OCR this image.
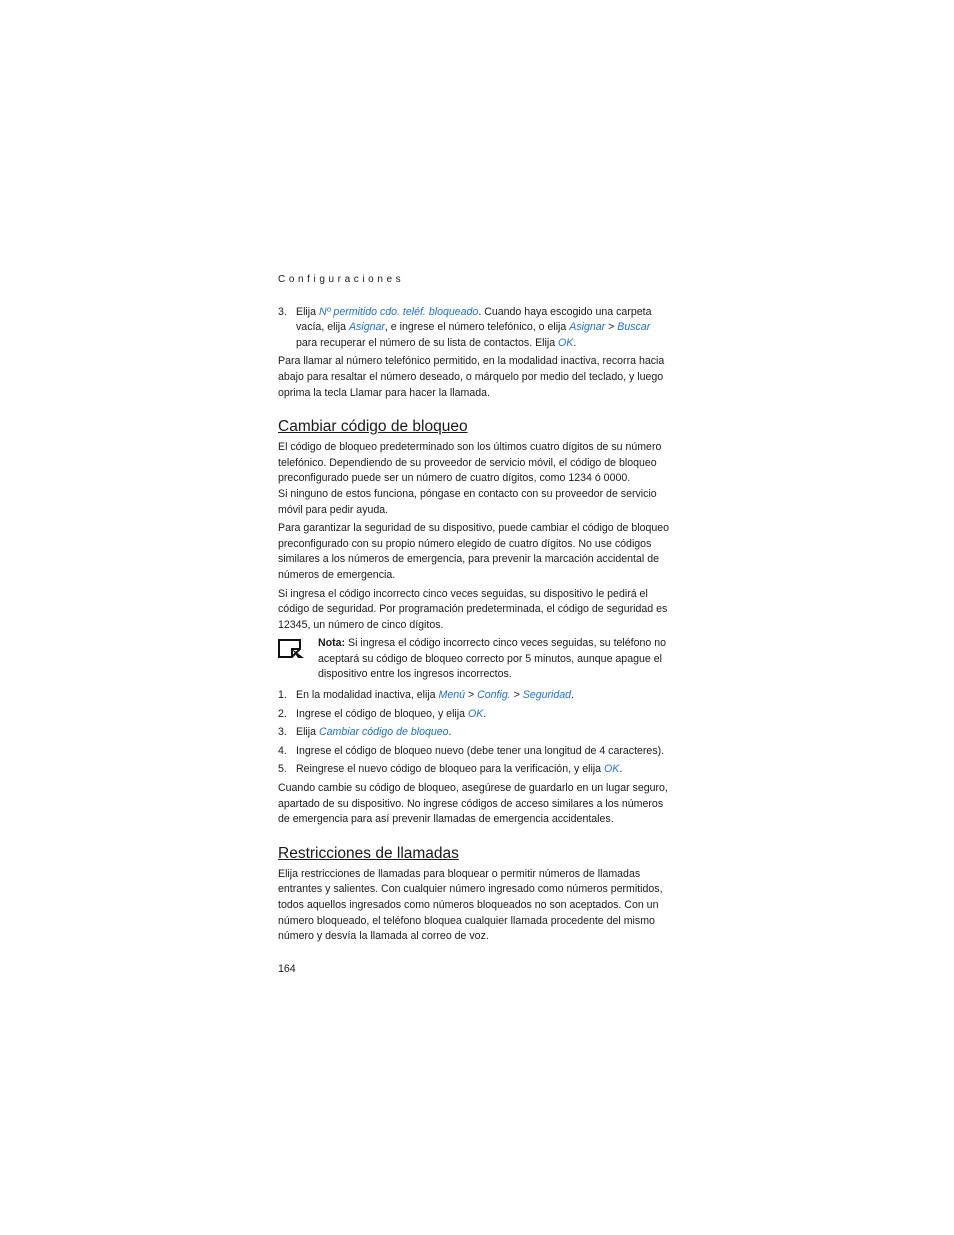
Configuraciones
3. Elija Nº permitido cdo. teléf. bloqueado. Cuando haya escogido una carpeta vacía, elija Asignar, e ingrese el número telefónico, o elija Asignar > Buscar para recuperar el número de su lista de contactos. Elija OK.

Para llamar al número telefónico permitido, en la modalidad inactiva, recorra hacia abajo para resaltar el número deseado, o márquelo por medio del teclado, y luego oprima la tecla Llamar para hacer la llamada.

Cambiar código de bloqueo

El código de bloqueo predeterminado son los últimos cuatro dígitos de su número telefónico. Dependiendo de su proveedor de servicio móvil, el código de bloqueo preconfigurado puede ser un número de cuatro dígitos, como 1234 ó 0000.
Si ninguno de estos funciona, póngase en contacto con su proveedor de servicio móvil para pedir ayuda.

Para garantizar la seguridad de su dispositivo, puede cambiar el código de bloqueo preconfigurado con su propio número elegido de cuatro dígitos. No use códigos similares a los números de emergencia, para prevenir la marcación accidental de números de emergencia.

Si ingresa el código incorrecto cinco veces seguidas, su dispositivo le pedirá el código de seguridad. Por programación predeterminada, el código de seguridad es 12345, un número de cinco dígitos.

Nota: Si ingresa el código incorrecto cinco veces seguidas, su teléfono no aceptará su código de bloqueo correcto por 5 minutos, aunque apague el dispositivo entre los ingresos incorrectos.
1. En la modalidad inactiva, elija Menú > Config. > Seguridad.
2. Ingrese el código de bloqueo, y elija OK.
3. Elija Cambiar código de bloqueo.
4. Ingrese el código de bloqueo nuevo (debe tener una longitud de 4 caracteres).
5. Reingrese el nuevo código de bloqueo para la verificación, y elija OK.

Cuando cambie su código de bloqueo, asegúrese de guardarlo en un lugar seguro, apartado de su dispositivo. No ingrese códigos de acceso similares a los números de emergencia para así prevenir llamadas de emergencia accidentales.

Restricciones de llamadas

Elija restricciones de llamadas para bloquear o permitir números de llamadas entrantes y salientes. Con cualquier número ingresado como números permitidos, todos aquellos ingresados como números bloqueados no son aceptados. Con un número bloqueado, el teléfono bloquea cualquier llamada procedente del mismo número y desvía la llamada al correo de voz.

164
